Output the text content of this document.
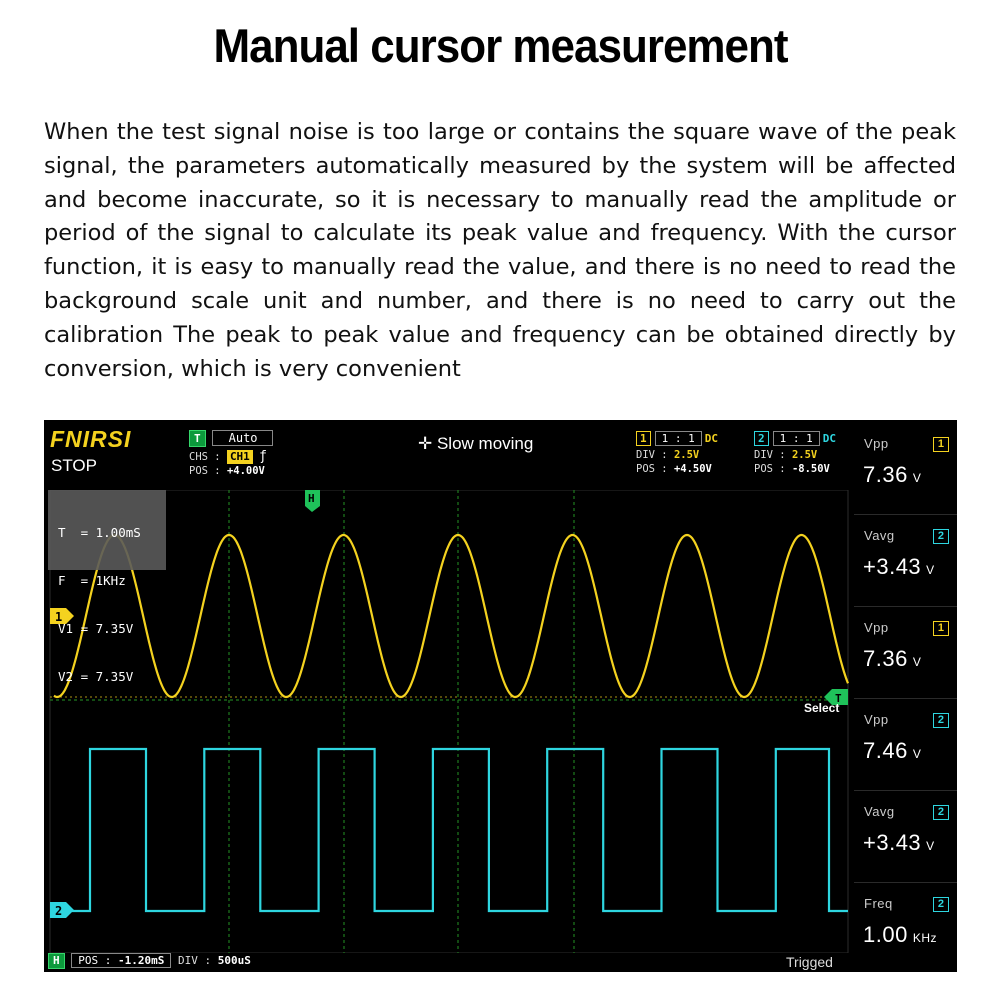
Manual cursor measurement
When the test signal noise is too large or contains the square wave of the peak signal, the parameters automatically measured by the system will be affected and become inaccurate, so it is necessary to manually read the amplitude or period of the signal to calculate its peak value and frequency. With the cursor function, it is easy to manually read the value, and there is no need to read the background scale unit and number, and there is no need to carry out the calibration The peak to peak value and frequency can be obtained directly by conversion, which is very convenient
1
2
H
T
FNIRSI
STOP
T Auto
CHS : CH1 ƒ
POS : +4.00V
✛ Slow moving	1 1 : 1 DC
DIV : 2.5V
POS : +4.50V
2 1 : 1 DC
DIV : 2.5V
POS : -8.50V

T  = 1.00mS

F  = 1KHz

V1 = 7.35V

V2 = 7.35V

Select
Vpp	1
7.36 V
Vavg	2
+3.43 V
Vpp	1
7.36 V
Vpp	2
7.46 V
Vavg	2
+3.43 V
Freq	2
1.00 KHz
H POS : -1.20mS DIV : 500uS	Trigged
